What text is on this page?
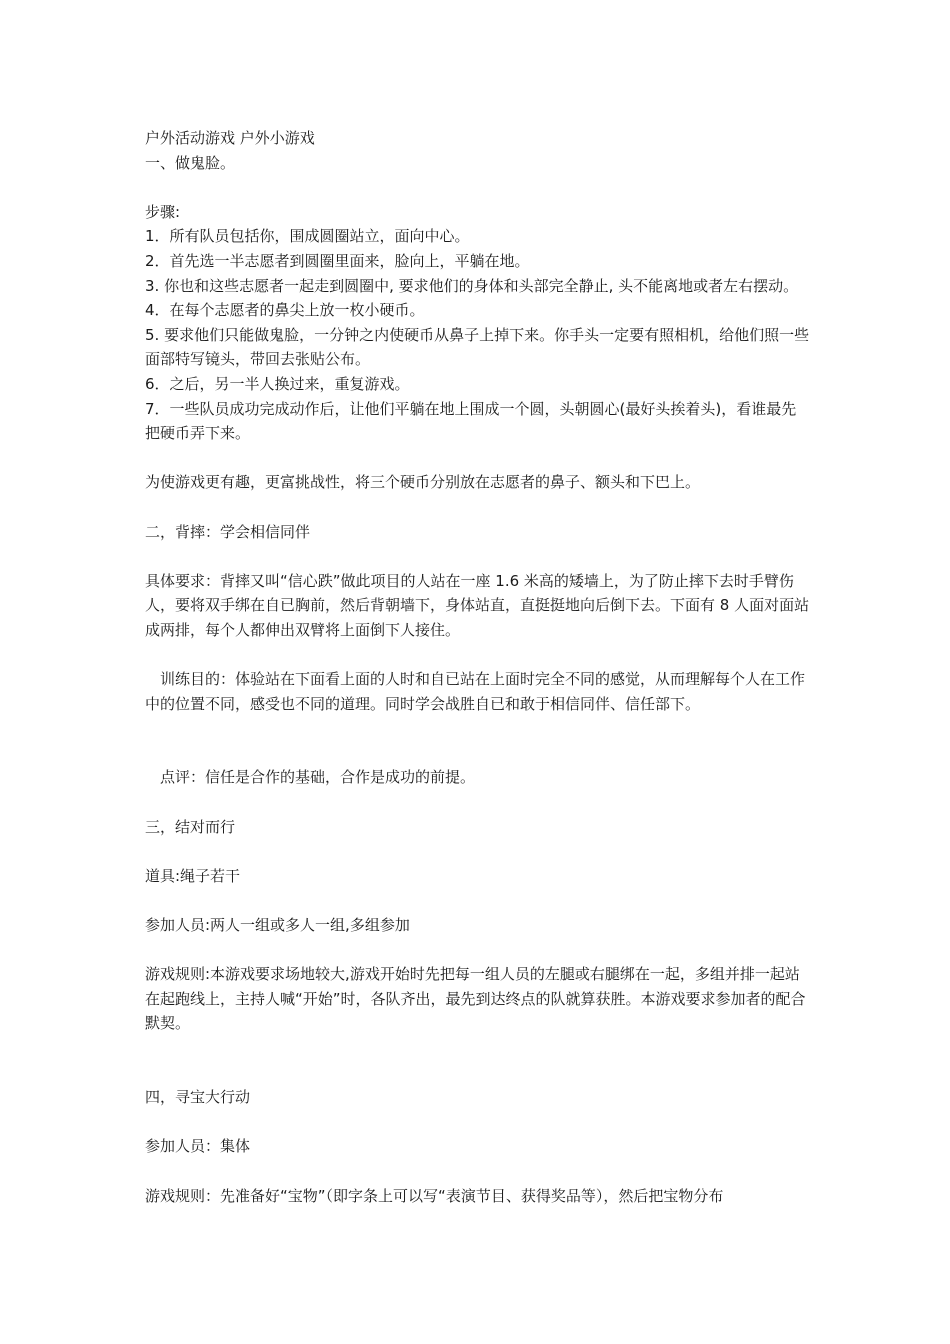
户外活动游戏 户外小游戏

一、做鬼脸。

步骤:

1．所有队员包括你，围成圆圈站立，面向中心。

2．首先选一半志愿者到圆圈里面来，脸向上，平躺在地。

3. 你也和这些志愿者一起走到圆圈中, 要求他们的身体和头部完全静止, 头不能离地或者左右摆动。4．在每个志愿者的鼻尖上放一枚小硬币。

5. 要求他们只能做鬼脸，一分钟之内使硬币从鼻子上掉下来。你手头一定要有照相机，给他们照一些面部特写镜头，带回去张贴公布。

6．之后，另一半人换过来，重复游戏。

7．一些队员成功完成动作后，让他们平躺在地上围成一个圆，头朝圆心(最好头挨着头)，看谁最先把硬币弄下来。

为使游戏更有趣，更富挑战性，将三个硬币分别放在志愿者的鼻子、额头和下巴上。

二，背摔：学会相信同伴

具体要求：背摔又叫“信心跌”做此项目的人站在一座 1.6 米高的矮墙上，为了防止摔下去时手臂伤人，要将双手绑在自已胸前，然后背朝墙下，身体站直，直挺挺地向后倒下去。下面有 8 人面对面站成两排，每个人都伸出双臂将上面倒下人接住。

训练目的：体验站在下面看上面的人时和自已站在上面时完全不同的感觉，从而理解每个人在工作中的位置不同，感受也不同的道理。同时学会战胜自已和敢于相信同伴、信任部下。

点评：信任是合作的基础，合作是成功的前提。

三，结对而行

道具:绳子若干

参加人员:两人一组或多人一组,多组参加

游戏规则:本游戏要求场地较大,游戏开始时先把每一组人员的左腿或右腿绑在一起，多组并排一起站在起跑线上，主持人喊“开始”时，各队齐出，最先到达终点的队就算获胜。本游戏要求参加者的配合默契。

四，寻宝大行动

参加人员：集体

游戏规则：先准备好“宝物”（即字条上可以写“表演节目、获得奖品等），然后把宝物分布
